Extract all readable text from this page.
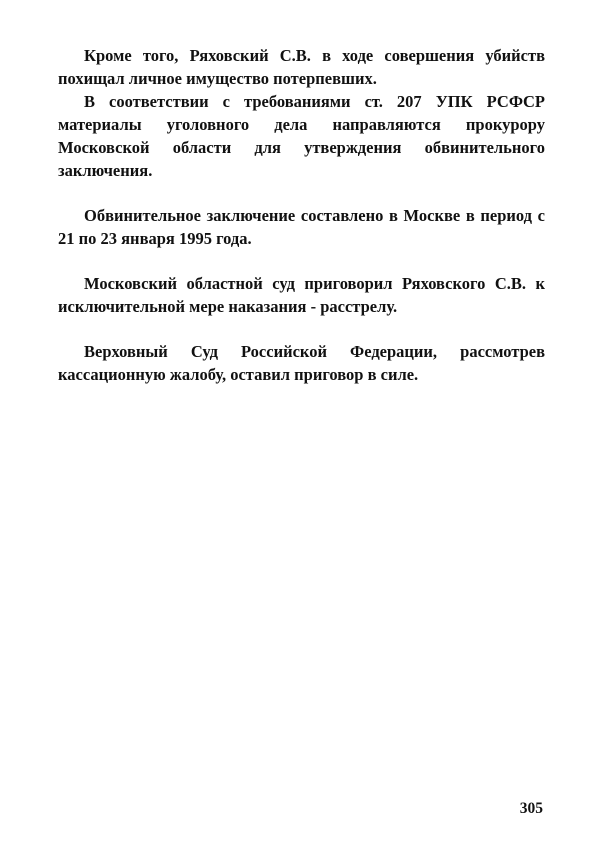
Кроме того, Ряховский С.В. в ходе совершения убийств похищал личное имущество потерпевших.

В соответствии с требованиями ст. 207 УПК РСФСР материалы уголовного дела направляются прокурору Московской области для утверждения обвинительного заключения.

Обвинительное заключение составлено в Москве в период с 21 по 23 января 1995 года.

Московский областной суд приговорил Ряховского С.В. к исключительной мере наказания - расстрелу.

Верховный Суд Российской Федерации, рассмотрев кассационную жалобу, оставил приговор в силе.

305
